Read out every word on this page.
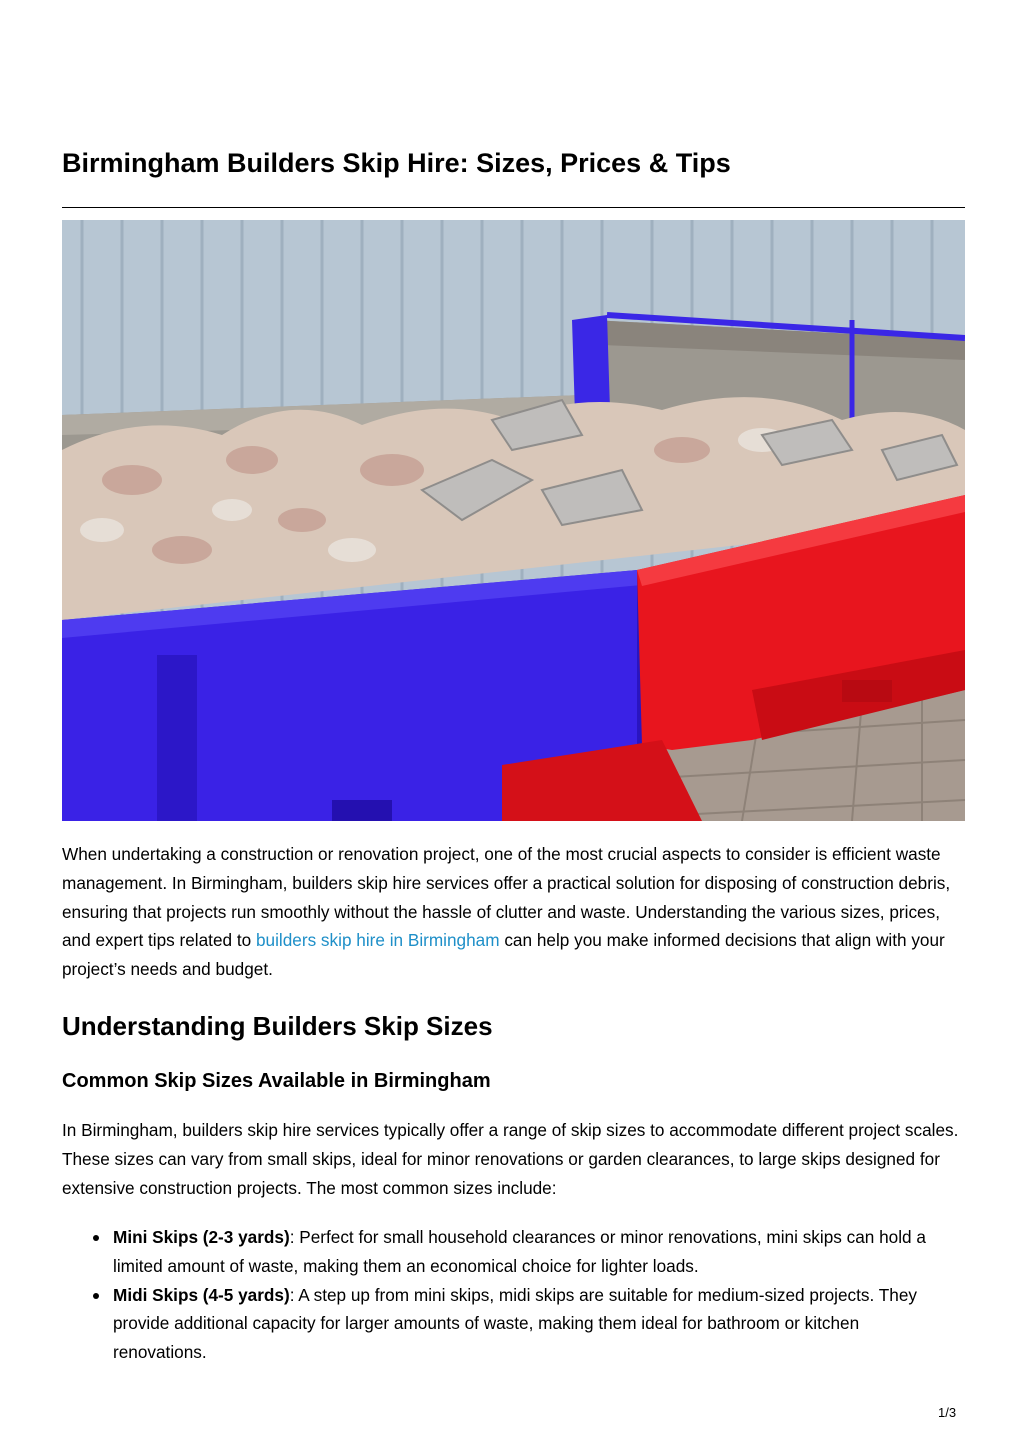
Birmingham Builders Skip Hire: Sizes, Prices & Tips

When undertaking a construction or renovation project, one of the most crucial aspects to consider is efficient waste management. In Birmingham, builders skip hire services offer a practical solution for disposing of construction debris, ensuring that projects run smoothly without the hassle of clutter and waste. Understanding the various sizes, prices, and expert tips related to builders skip hire in Birmingham can help you make informed decisions that align with your project’s needs and budget.

Understanding Builders Skip Sizes
Common Skip Sizes Available in Birmingham

In Birmingham, builders skip hire services typically offer a range of skip sizes to accommodate different project scales. These sizes can vary from small skips, ideal for minor renovations or garden clearances, to large skips designed for extensive construction projects. The most common sizes include:

Mini Skips (2-3 yards): Perfect for small household clearances or minor renovations, mini skips can hold a limited amount of waste, making them an economical choice for lighter loads.
Midi Skips (4-5 yards): A step up from mini skips, midi skips are suitable for medium-sized projects. They provide additional capacity for larger amounts of waste, making them ideal for bathroom or kitchen renovations.
1/3
